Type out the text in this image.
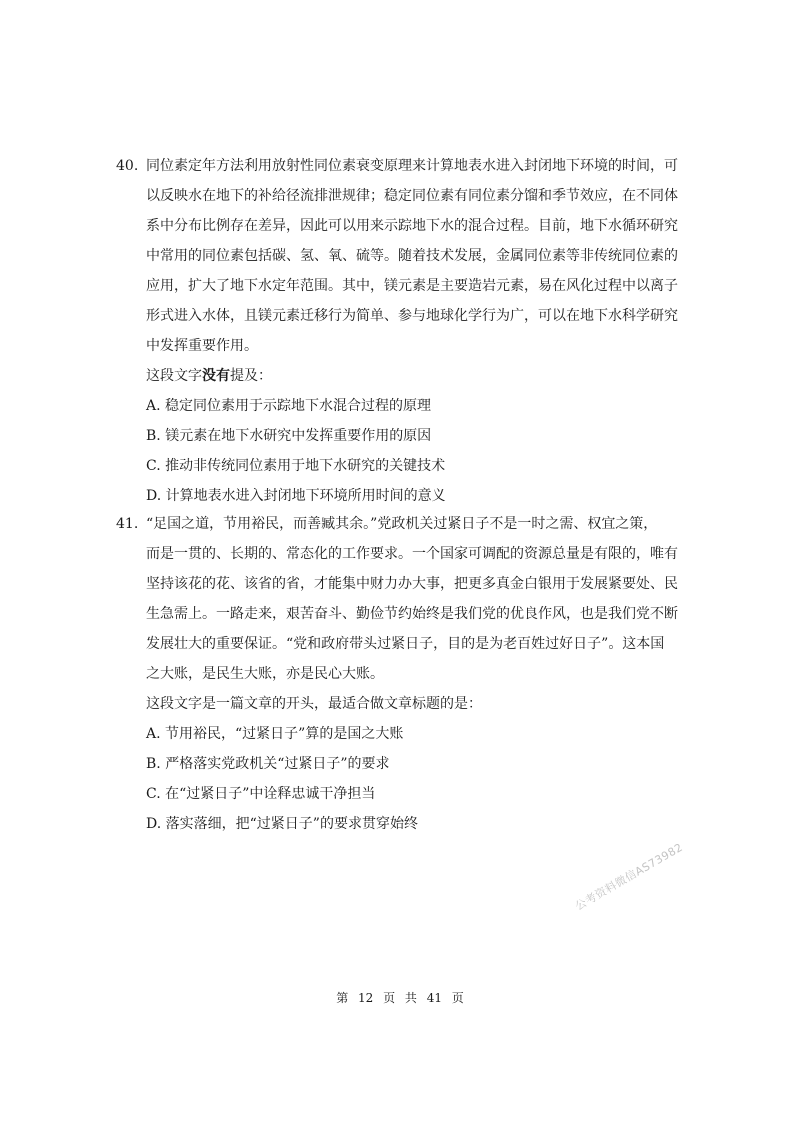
40. 同位素定年方法利用放射性同位素衰变原理来计算地表水进入封闭地下环境的时间，可
以反映水在地下的补给径流排泄规律；稳定同位素有同位素分馏和季节效应，在不同体
系中分布比例存在差异，因此可以用来示踪地下水的混合过程。目前，地下水循环研究
中常用的同位素包括碳、氢、氧、硫等。随着技术发展，金属同位素等非传统同位素的
应用，扩大了地下水定年范围。其中，镁元素是主要造岩元素，易在风化过程中以离子
形式进入水体，且镁元素迁移行为简单、参与地球化学行为广，可以在地下水科学研究
中发挥重要作用。
这段文字没有提及：
A. 稳定同位素用于示踪地下水混合过程的原理
B. 镁元素在地下水研究中发挥重要作用的原因
C. 推动非传统同位素用于地下水研究的关键技术
D. 计算地表水进入封闭地下环境所用时间的意义
41. “足国之道，节用裕民，而善臧其余。”党政机关过紧日子不是一时之需、权宜之策，
而是一贯的、长期的、常态化的工作要求。一个国家可调配的资源总量是有限的，唯有
坚持该花的花、该省的省，才能集中财力办大事，把更多真金白银用于发展紧要处、民
生急需上。一路走来，艰苦奋斗、勤俭节约始终是我们党的优良作风，也是我们党不断
发展壮大的重要保证。“党和政府带头过紧日子，目的是为老百姓过好日子”。这本国
之大账，是民生大账，亦是民心大账。
这段文字是一篇文章的开头，最适合做文章标题的是：
A. 节用裕民，“过紧日子”算的是国之大账
B. 严格落实党政机关“过紧日子”的要求
C. 在“过紧日子”中诠释忠诚干净担当
D. 落实落细，把“过紧日子”的要求贯穿始终
公考资料微信AS73982
第 12 页 共 41 页
